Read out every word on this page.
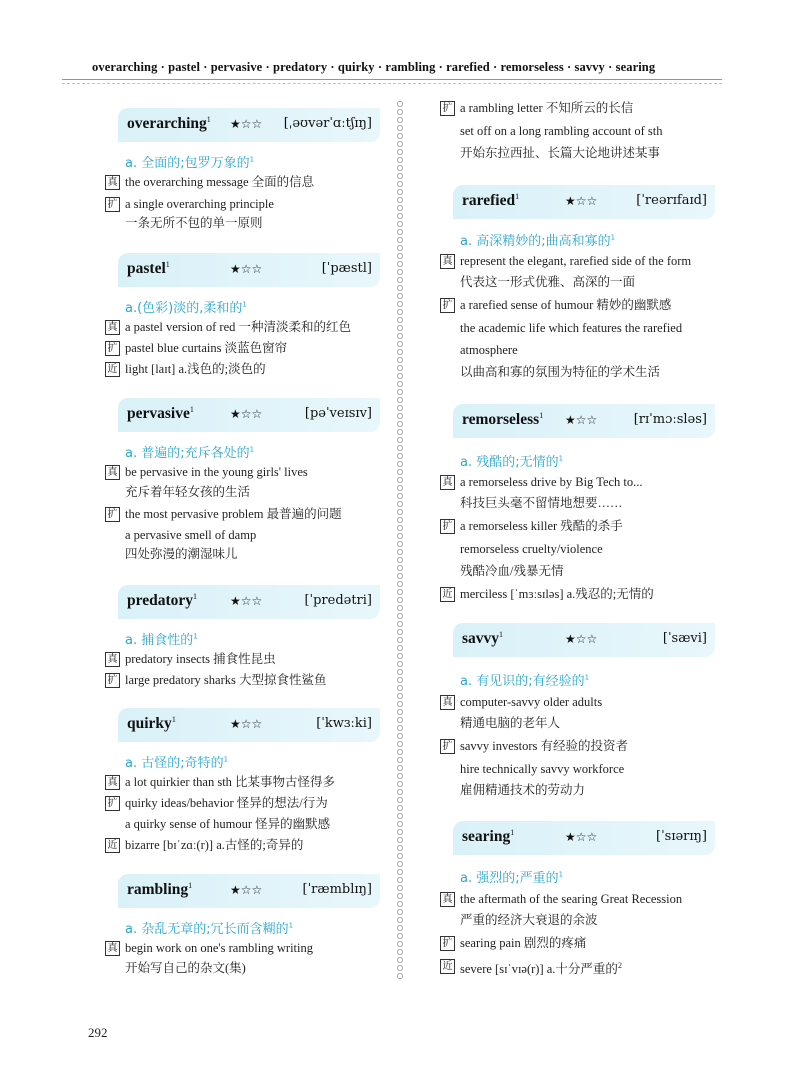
overarching · pastel · pervasive · predatory · quirky · rambling · rarefied · remorseless · savvy · searing
overarching$^1$ ★☆☆ [ˌəʊvərˈɑːtʃɪŋ]
a. 全面的;包罗万象的$^1$
真 the overarching message 全面的信息
扩 a single overarching principle
一条无所不包的单一原则
pastel$^1$	★☆☆	[ˈpæstl]
a.(色彩)淡的,柔和的$^1$
真 a pastel version of red 一种清淡柔和的红色
扩 pastel blue curtains 淡蓝色窗帘
近 light [laɪt] a.浅色的;淡色的
pervasive$^1$	★☆☆	[pəˈveɪsɪv]
a. 普遍的;充斥各处的$^1$
真 be pervasive in the young girls' lives
充斥着年轻女孩的生活
扩 the most pervasive problem 最普遍的问题
a pervasive smell of damp
四处弥漫的潮湿味儿
predatory$^1$	★☆☆	[ˈpredətri]
a. 捕食性的$^1$
真 predatory insects 捕食性昆虫
扩 large predatory sharks 大型掠食性鲨鱼
quirky$^1$	★☆☆	[ˈkwɜːki]
a. 古怪的;奇特的$^1$
真 a lot quirkier than sth 比某事物古怪得多
扩 quirky ideas/behavior 怪异的想法/行为
a quirky sense of humour 怪异的幽默感
近 bizarre [bɪˈzɑː(r)] a.古怪的;奇异的
rambling$^1$	★☆☆	[ˈræmblɪŋ]
a. 杂乱无章的;冗长而含糊的$^1$
真 begin work on one's rambling writing
开始写自己的杂文(集)
扩 a rambling letter 不知所云的长信
set off on a long rambling account of sth
开始东拉西扯、长篇大论地讲述某事
rarefied$^1$	★☆☆	[ˈreərɪfaɪd]
a. 高深精妙的;曲高和寡的$^1$
真 represent the elegant, rarefied side of the form
代表这一形式优雅、高深的一面
扩 a rarefied sense of humour 精妙的幽默感
the academic life which features the rarefied
atmosphere
以曲高和寡的氛围为特征的学术生活
remorseless$^1$ ★☆☆	[rɪˈmɔːsləs]
a. 残酷的;无情的$^1$
真 a remorseless drive by Big Tech to...
科技巨头毫不留情地想要……
扩 a remorseless killer 残酷的杀手
remorseless cruelty/violence
残酷冷血/残暴无情
近 merciless [ˈmɜːsɪləs] a.残忍的;无情的
savvy$^1$	★☆☆	[ˈsævi]
a. 有见识的;有经验的$^1$
真 computer-savvy older adults
精通电脑的老年人
扩 savvy investors 有经验的投资者
hire technically savvy workforce
雇佣精通技术的劳动力
searing$^1$	★☆☆	[ˈsɪərɪŋ]
a. 强烈的;严重的$^1$
真 the aftermath of the searing Great Recession
严重的经济大衰退的余波
扩 searing pain 剧烈的疼痛
近 severe [sɪˈvɪə(r)] a.十分严重的$^2$
292
